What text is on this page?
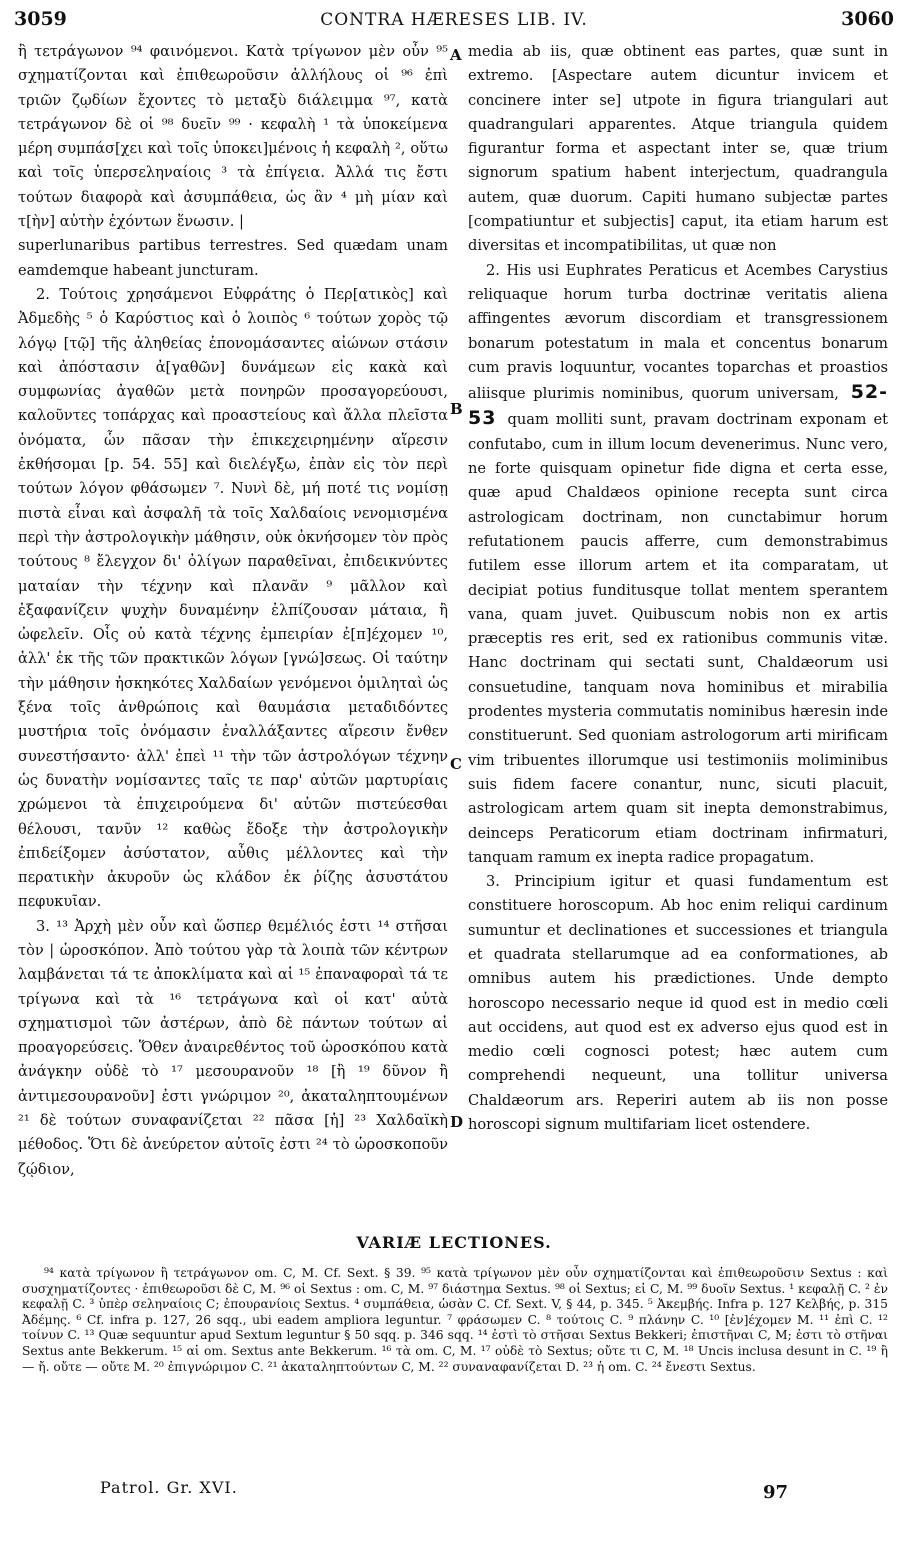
3059	CONTRA HÆRESES LIB. IV.	3060

ἢ τετράγωνον ⁹⁴ φαινόμενοι. Κατὰ τρίγωνον μὲν οὖν ⁹⁵ σχηματίζονται καὶ ἐπιθεωροῦσιν ἀλλήλους οἱ ⁹⁶ ἐπὶ τριῶν ζῳδίων ἔχοντες τὸ μεταξὺ διάλειμμα ⁹⁷, κατὰ τετράγωνον δὲ οἱ ⁹⁸ δυεῖν ⁹⁹ · κεφαλὴ ¹ τὰ ὑποκείμενα μέρη συμπάσ[χει καὶ τοῖς ὑποκει]μένοις ἡ κεφαλὴ ², οὕτω καὶ τοῖς ὑπερσεληναίοις ³ τὰ ἐπίγεια. Ἀλλά τις ἔστι τούτων διαφορὰ καὶ ἀσυμπάθεια, ὡς ἂν ⁴ μὴ μίαν καὶ τ[ὴν] αὐτὴν ἐχόντων ἕνωσιν. |

superlunaribus partibus terrestres. Sed quædam unam eamdemque habeant juncturam.

2. Τούτοις χρησάμενοι Εὐφράτης ὁ Περ[ατικὸς] καὶ Ἀδμεδὴς ⁵ ὁ Καρύστιος καὶ ὁ λοιπὸς ⁶ τούτων χορὸς τῷ λόγῳ [τῷ] τῆς ἀληθείας ἐπονομάσαντες αἰώνων στάσιν καὶ ἀπόστασιν ἀ[γαθῶν] δυνάμεων εἰς κακὰ καὶ συμφωνίας ἀγαθῶν μετὰ πονηρῶν προσαγορεύουσι, καλοῦντες τοπάρχας καὶ προαστείους καὶ ἄλλα πλεῖστα ὀνόματα, ὧν πᾶσαν τὴν ἐπικεχειρημένην αἵρεσιν ἐκθήσομαι [p. 54. 55] καὶ διελέγξω, ἐπὰν εἰς τὸν περὶ τούτων λόγον φθάσωμεν ⁷. Νυνὶ δὲ, μή ποτέ τις νομίσῃ πιστὰ εἶναι καὶ ἀσφαλῆ τὰ τοῖς Χαλδαίοις νενομισμένα περὶ τὴν ἀστρολογικὴν μάθησιν, οὐκ ὀκνήσομεν τὸν πρὸς τούτους ⁸ ἔλεγχον δι' ὀλίγων παραθεῖναι, ἐπιδεικνύντες ματαίαν τὴν τέχνην καὶ πλανᾶν ⁹ μᾶλλον καὶ ἐξαφανίζειν ψυχὴν δυναμένην ἐλπίζουσαν μάταια, ἢ ὠφελεῖν. Οἷς οὐ κατὰ τέχνης ἐμπειρίαν ἐ[π]έχομεν ¹⁰, ἀλλ' ἐκ τῆς τῶν πρακτικῶν λόγων [γνώ]σεως. Οἱ ταύτην τὴν μάθησιν ἠσκηκότες Χαλδαίων γενόμενοι ὁμιληταὶ ὡς ξένα τοῖς ἀνθρώποις καὶ θαυμάσια μεταδιδόντες μυστήρια τοῖς ὀνόμασιν ἐναλλάξαντες αἵρεσιν ἔνθεν συνεστήσαντο· ἀλλ' ἐπεὶ ¹¹ τὴν τῶν ἀστρολόγων τέχνην ὡς δυνατὴν νομίσαντες ταῖς τε παρ' αὐτῶν μαρτυρίαις χρώμενοι τὰ ἐπιχειρούμενα δι' αὐτῶν πιστεύεσθαι θέλουσι, τανῦν ¹² καθὼς ἔδοξε τὴν ἀστρολογικὴν ἐπιδείξομεν ἀσύστατον, αὖθις μέλλοντες καὶ τὴν περατικὴν ἀκυροῦν ὡς κλάδον ἐκ ῥίζης ἀσυστάτου πεφυκυῖαν.

3. ¹³ Ἀρχὴ μὲν οὖν καὶ ὥσπερ θεμέλιός ἐστι ¹⁴ στῆσαι τὸν | ὡροσκόπον. Ἀπὸ τούτου γὰρ τὰ λοιπὰ τῶν κέντρων λαμβάνεται τά τε ἀποκλίματα καὶ αἱ ¹⁵ ἐπαναφοραὶ τά τε τρίγωνα καὶ τὰ ¹⁶ τετράγωνα καὶ οἱ κατ' αὐτὰ σχηματισμοὶ τῶν ἀστέρων, ἀπὸ δὲ πάντων τούτων αἱ προαγορεύσεις. Ὅθεν ἀναιρεθέντος τοῦ ὡροσκόπου κατὰ ἀνάγκην οὐδὲ τὸ ¹⁷ μεσουρανοῦν ¹⁸ [ἢ ¹⁹ δῦνον ἢ ἀντιμεσουρανοῦν] ἐστι γνώριμον ²⁰, ἀκαταληπτουμένων ²¹ δὲ τούτων συναφανίζεται ²² πᾶσα [ἡ] ²³ Χαλδαϊκὴ μέθοδος. Ὅτι δὲ ἀνεύρετον αὐτοῖς ἐστι ²⁴ τὸ ὡροσκοποῦν ζῴδιον,

A
B
C
D

media ab iis, quæ obtinent eas partes, quæ sunt in extremo. [Aspectare autem dicuntur invicem et concinere inter se] utpote in figura triangulari aut quadrangulari apparentes. Atque triangula quidem figurantur forma et aspectant inter se, quæ trium signorum spatium habent interjectum, quadrangula autem, quæ duorum. Capiti humano subjectæ partes [compatiuntur et subjectis] caput, ita etiam harum est diversitas et incompatibilitas, ut quæ non

2. His usi Euphrates Peraticus et Acembes Carystius reliquaque horum turba doctrinæ veritatis aliena affingentes ævorum discordiam et transgressionem bonarum potestatum in mala et concentus bonarum cum pravis loquuntur, vocantes toparchas et proastios aliisque plurimis nominibus, quorum universam, 52-53 quam molliti sunt, pravam doctrinam exponam et confutabo, cum in illum locum devenerimus. Nunc vero, ne forte quisquam opinetur fide digna et certa esse, quæ apud Chaldæos opinione recepta sunt circa astrologicam doctrinam, non cunctabimur horum refutationem paucis afferre, cum demonstrabimus futilem esse illorum artem et ita comparatam, ut decipiat potius funditusque tollat mentem sperantem vana, quam juvet. Quibuscum nobis non ex artis præceptis res erit, sed ex rationibus communis vitæ. Hanc doctrinam qui sectati sunt, Chaldæorum usi consuetudine, tanquam nova hominibus et mirabilia prodentes mysteria commutatis nominibus hæresin inde constituerunt. Sed quoniam astrologorum arti mirificam vim tribuentes illorumque usi testimoniis moliminibus suis fidem facere conantur, nunc, sicuti placuit, astrologicam artem quam sit inepta demonstrabimus, deinceps Peraticorum etiam doctrinam infirmaturi, tanquam ramum ex inepta radice propagatum.

3. Principium igitur et quasi fundamentum est constituere horoscopum. Ab hoc enim reliqui cardinum sumuntur et declinationes et successiones et triangula et quadrata stellarumque ad ea conformationes, ab omnibus autem his prædictiones. Unde dempto horoscopo necessario neque id quod est in medio cœli aut occidens, aut quod est ex adverso ejus quod est in medio cœli cognosci potest; hæc autem cum comprehendi nequeunt, una tollitur universa Chaldæorum ars. Reperiri autem ab iis non posse horoscopi signum multifariam licet ostendere.

VARIÆ LECTIONES.

⁹⁴ κατὰ τρίγωνον ἢ τετράγωνον om. C, M. Cf. Sext. § 39. ⁹⁵ κατὰ τρίγωνον μὲν οὖν σχηματίζονται καὶ ἐπιθεωροῦσιν Sextus : καὶ συσχηματίζοντες · ἐπιθεωροῦσι δὲ C, M. ⁹⁶ οἱ Sextus : om. C, M. ⁹⁷ διάστημα Sextus. ⁹⁸ οἱ Sextus; εἰ C, M. ⁹⁹ δυοῖν Sextus. ¹ κεφαλῇ C. ² ἐν κεφαλῇ C. ³ ὑπὲρ σεληναίοις C; ἐπουρανίοις Sextus. ⁴ συμπάθεια, ὡσὰν C. Cf. Sext. V, § 44, p. 345. ⁵ Ἀκεμβής. Infra p. 127 Κελβής, p. 315 Ἀδέμης. ⁶ Cf. infra p. 127, 26 sqq., ubi eadem ampliora leguntur. ⁷ φράσωμεν C. ⁸ τούτοις C. ⁹ πλάνην C. ¹⁰ [ἐν]έχομεν M. ¹¹ ἐπὶ C. ¹² τοίνυν C. ¹³ Quæ sequuntur apud Sextum leguntur § 50 sqq. p. 346 sqq. ¹⁴ ἐστὶ τὸ στῆσαι Sextus Bekkeri; ἐπιστῆναι C, M; ἐστι τὸ στῆναι Sextus ante Bekkerum. ¹⁵ αἱ om. Sextus ante Bekkerum. ¹⁶ τὰ om. C, M. ¹⁷ οὐδὲ τὸ Sextus; οὔτε τι C, M. ¹⁸ Uncis inclusa desunt in C. ¹⁹ ἢ — ἤ. οὔτε — οὔτε M. ²⁰ ἐπιγνώριμον C. ²¹ ἀκαταληπτούντων C, M. ²² συναναφανίζεται D. ²³ ἡ om. C. ²⁴ ἔνεστι Sextus.

Patrol. Gr. XVI.	97
